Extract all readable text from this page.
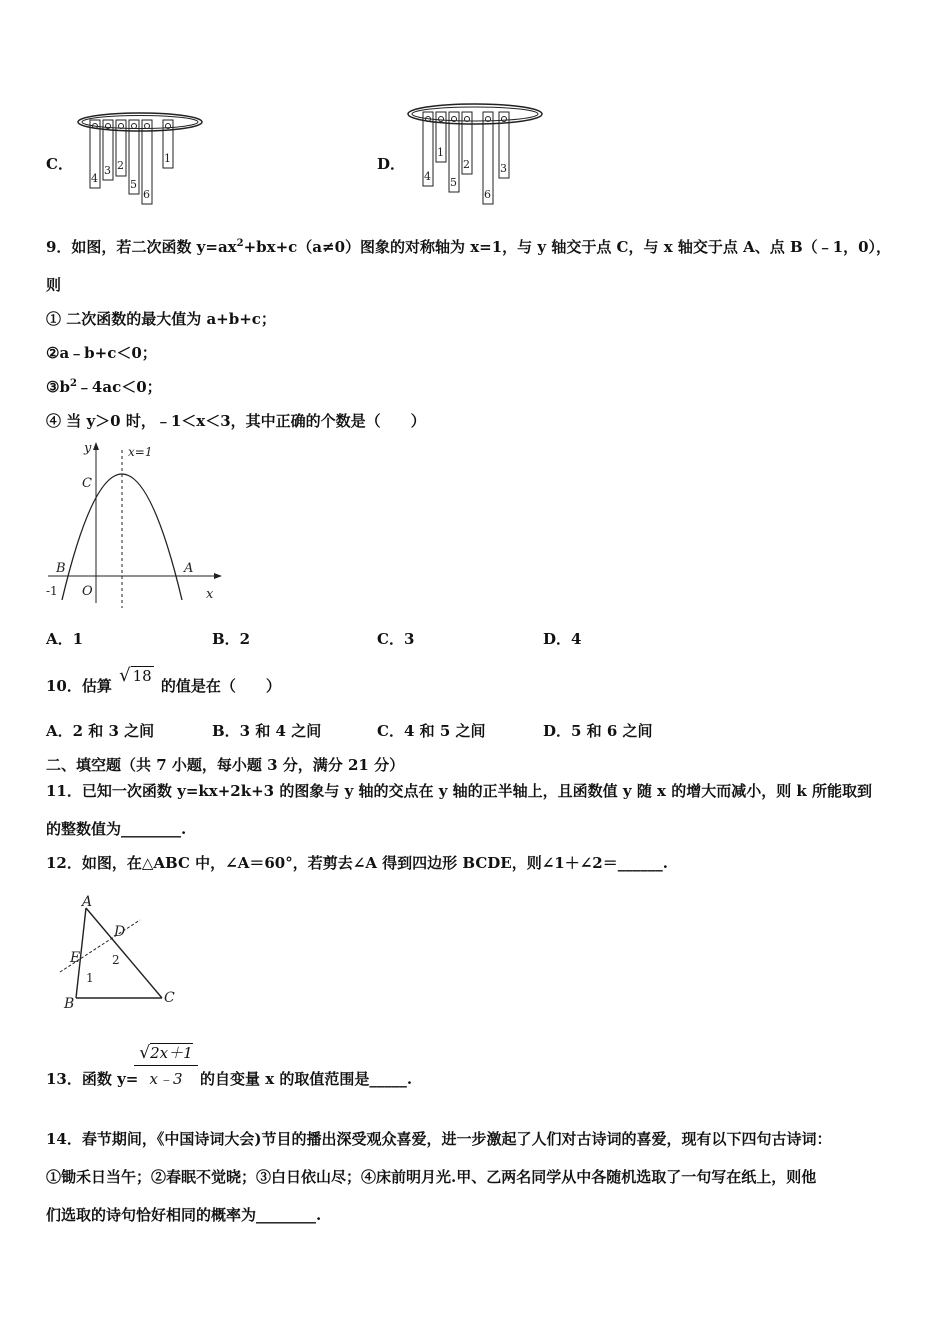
C．
4
3 2
5
6
1	D．
4
1
5
2
6
3
9．如图，若二次函数 $y=ax^2+bx+c(a\ne 0)$图象的对称轴为 x=1，与 y 轴交于点 C，与 x 轴交于点 A、点 B（﹣1，0），
则
① 二次函数的最大值为 a+b+c；
②a﹣b+c＜0；
$③b^2﹣4ac<0$；
④ 当 y＞0 时，﹣1＜x＜3，其中正确的个数是（　　）
y	x=1
C
B	A
O	x
-1
A．1	B．2	C．3	D．4
10．估算 √ 18 的值是在（　　）
A．2 和 3 之间	B．3 和 4 之间	C．4 和 5 之间	D．5 和 6 之间
二、填空题（共 7 小题，每小题 3 分，满分 21 分）
11．已知一次函数 y=kx+2k+3 的图象与 y 轴的交点在 y 轴的正半轴上，且函数值 y 随 x 的增大而减小，则 k 所能取到
的整数值为________.
12．如图，在△ABC 中，∠A＝60°，若剪去∠A 得到四边形 BCDE，则∠1＋∠2＝______.
A
D
E
B	C
1
2
13．函数 y=
$\frac{√2x+1}{x﹣3}$ 的自变量 x 的取值范围是_____.
14．春节期间，《中国诗词大会)节目的播出深受观众喜爱，进一步激起了人们对古诗词的喜爱，现有以下四句古诗词：
①锄禾日当午；②春眠不觉晓；③白日依山尽；④床前明月光.甲、乙两名同学从中各随机选取了一句写在纸上，则他
们选取的诗句恰好相同的概率为________.
